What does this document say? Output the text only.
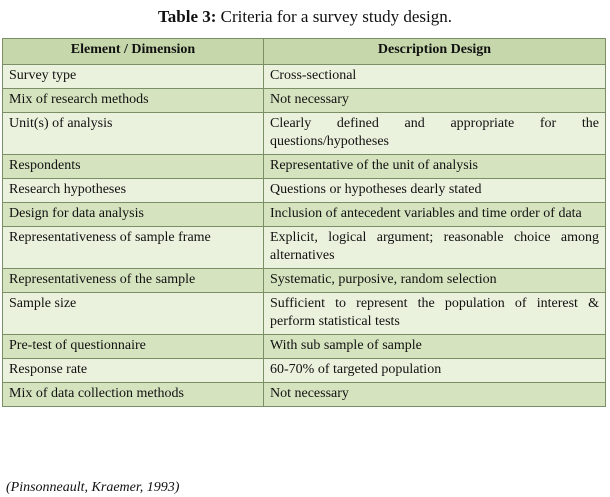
Table 3: Criteria for a survey study design.
Element / Dimension	Description Design
Survey type	Cross-sectional
Mix of research methods	Not necessary
Unit(s) of analysis	Clearly defined and appropriate for the questions/hypotheses
Respondents	Representative of the unit of analysis
Research hypotheses	Questions or hypotheses dearly stated
Design for data analysis	Inclusion of antecedent variables and time order of data
Representativeness of sample frame	Explicit, logical argument; reasonable choice among alternatives
Representativeness of the sample	Systematic, purposive, random selection
Sample size	Sufficient to represent the population of interest & perform statistical tests
Pre-test of questionnaire	With sub sample of sample
Response rate	60-70% of targeted population
Mix of data collection methods	Not necessary
(Pinsonneault, Kraemer, 1993)
